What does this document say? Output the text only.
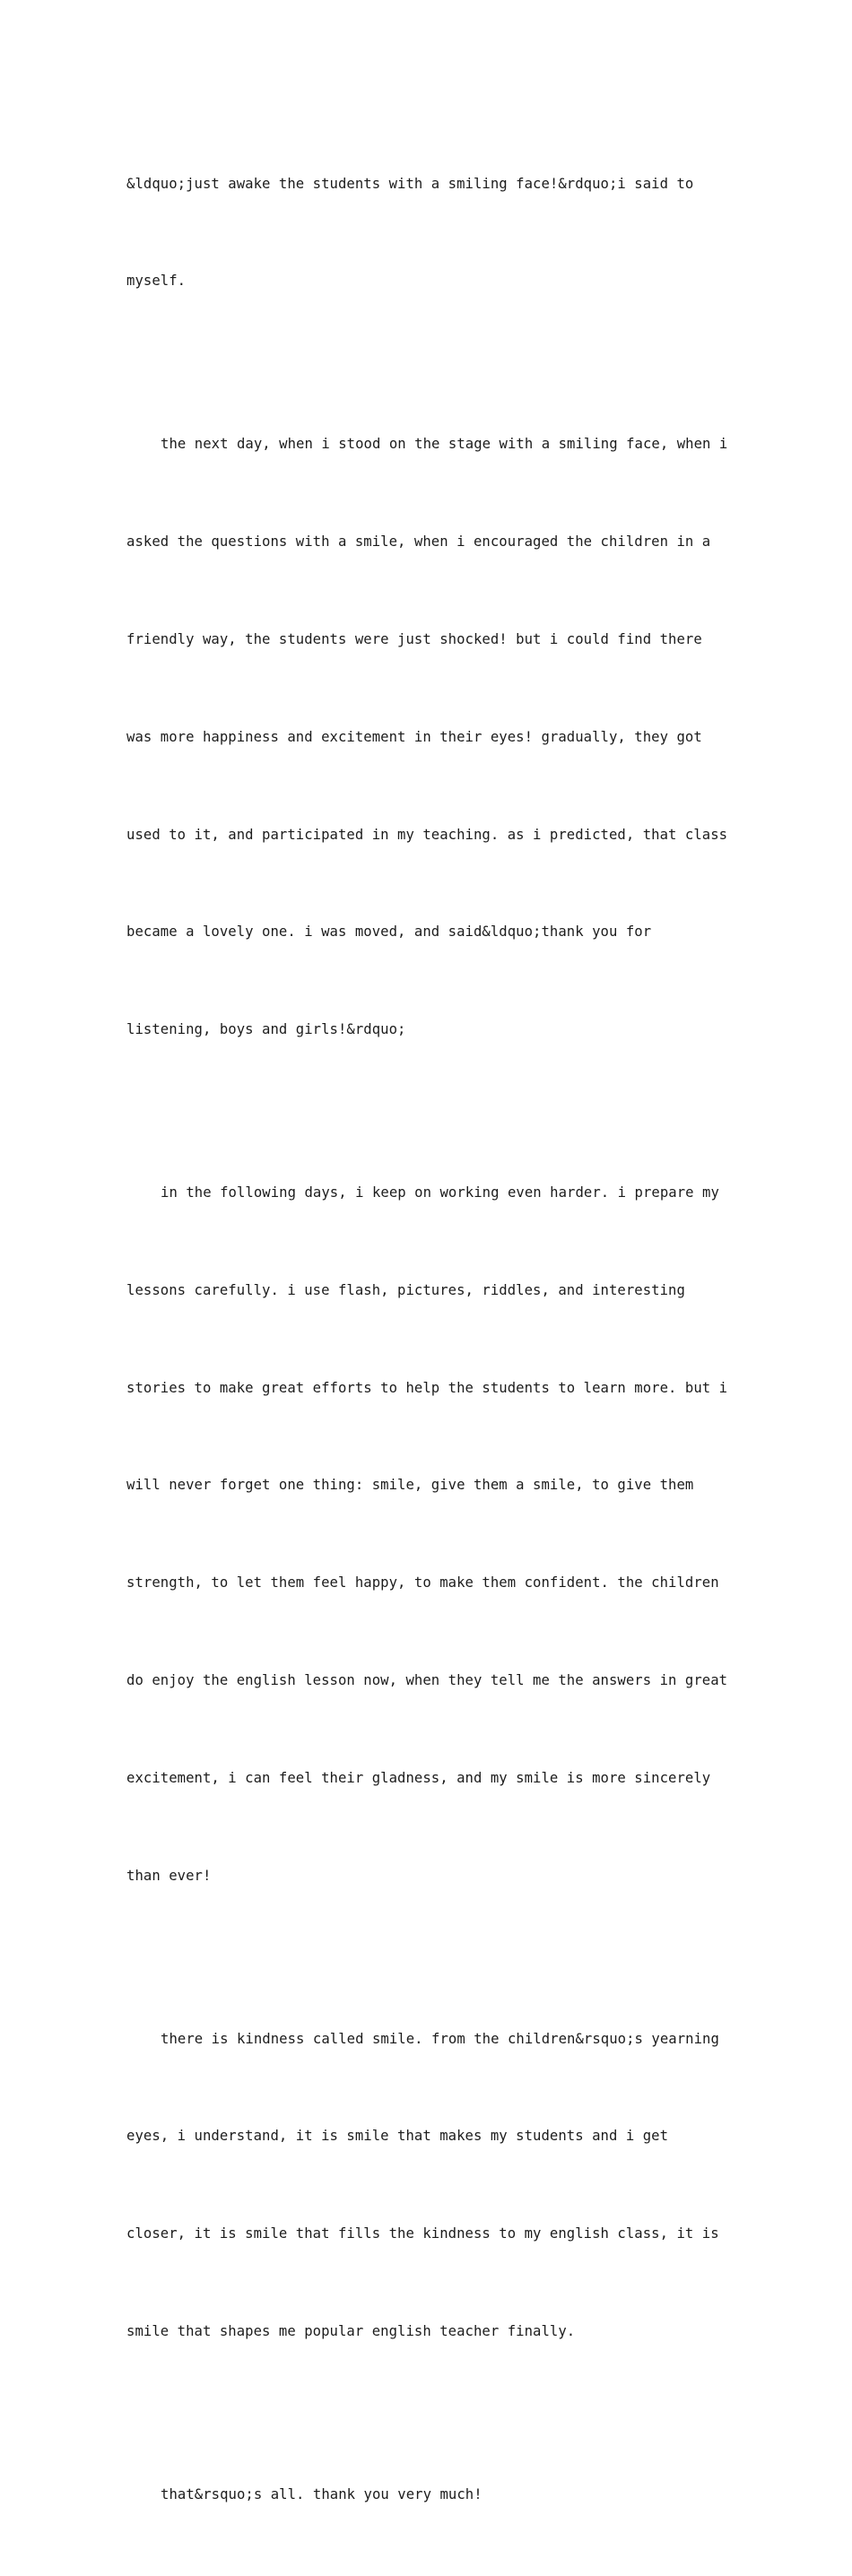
&ldquo;just awake the students with a smiling face!&rdquo;i said to

myself.

the next day, when i stood on the stage with a smiling face, when i

asked the questions with a smile, when i encouraged the children in a

friendly way, the students were just shocked! but i could find there

was more happiness and excitement in their eyes! gradually, they got

used to it, and participated in my teaching. as i predicted, that class

became a lovely one. i was moved, and said&ldquo;thank you for

listening, boys and girls!&rdquo;

in the following days, i keep on working even harder. i prepare my

lessons carefully. i use flash, pictures, riddles, and interesting

stories to make great efforts to help the students to learn more. but i

will never forget one thing: smile, give them a smile, to give them

strength, to let them feel happy, to make them confident. the children

do enjoy the english lesson now, when they tell me the answers in great

excitement, i can feel their gladness, and my smile is more sincerely

than ever!

there is kindness called smile. from the children&rsquo;s yearning

eyes, i understand, it is smile that makes my students and i get

closer, it is smile that fills the kindness to my english class, it is

smile that shapes me popular english teacher finally.

that&rsquo;s all. thank you very much!
